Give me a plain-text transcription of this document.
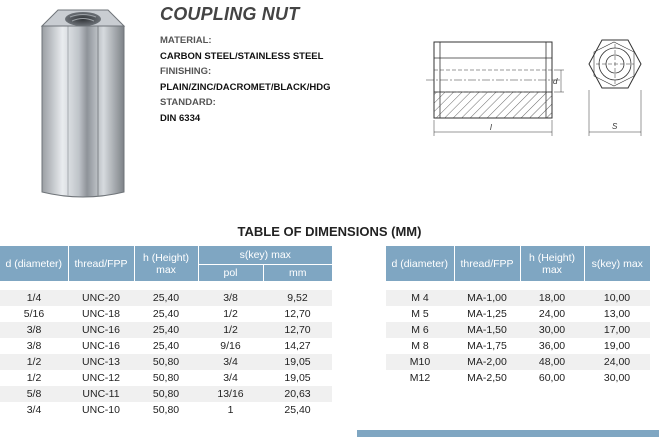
COUPLING NUT
MATERIAL:
CARBON STEEL/STAINLESS STEEL
FINISHING:
PLAIN/ZINC/DACROMET/BLACK/HDG
STANDARD:
DIN 6334
d
l	S
TABLE OF DIMENSIONS (MM)
d (diameter)	thread/FPP	h (Height)
max	s(key) max	
			pol	mm

1/4	UNC-20	25,40	3/8	9,52
5/16	UNC-18	25,40	1/2	12,70
3/8	UNC-16	25,40	1/2	12,70
3/8	UNC-16	25,40	9/16	14,27
1/2	UNC-13	50,80	3/4	19,05
1/2	UNC-12	50,80	3/4	19,05
5/8	UNC-11	50,80	13/16	20,63
3/4	UNC-10	50,80	1	25,40
d (diameter)	thread/FPP	h (Height)
max	s(key) max

M 4	MA-1,00	18,00	10,00
M 5	MA-1,25	24,00	13,00
M 6	MA-1,50	30,00	17,00
M 8	MA-1,75	36,00	19,00
M10	MA-2,00	48,00	24,00
M12	MA-2,50	60,00	30,00
